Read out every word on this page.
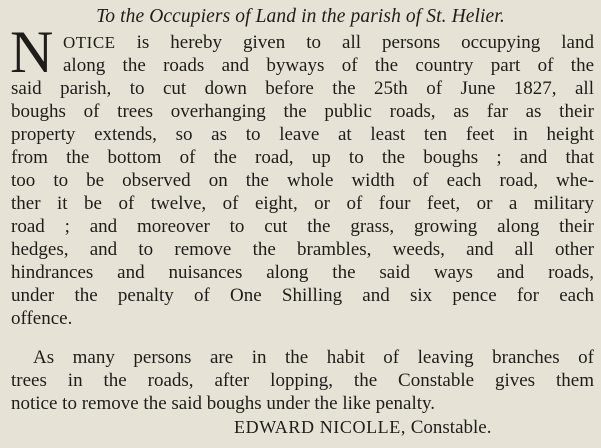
To the Occupiers of Land in the parish of St. Helier.
N OTICE is hereby given to all persons occupying land
along the roads and byways of the country part of the
said parish, to cut down before the 25th of June 1827, all
boughs of trees overhanging the public roads, as far as their
property extends, so as to leave at least ten feet in height
from the bottom of the road, up to the boughs ; and that
too to be observed on the whole width of each road, whe-
ther it be of twelve, of eight, or of four feet, or a military
road ; and moreover to cut the grass, growing along their
hedges, and to remove the brambles, weeds, and all other
hindrances and nuisances along the said ways and roads,
under the penalty of One Shilling and six pence for each
offence.
As many persons are in the habit of leaving branches of
trees in the roads, after lopping, the Constable gives them
notice to remove the said boughs under the like penalty.
EDWARD NICOLLE, Constable.
